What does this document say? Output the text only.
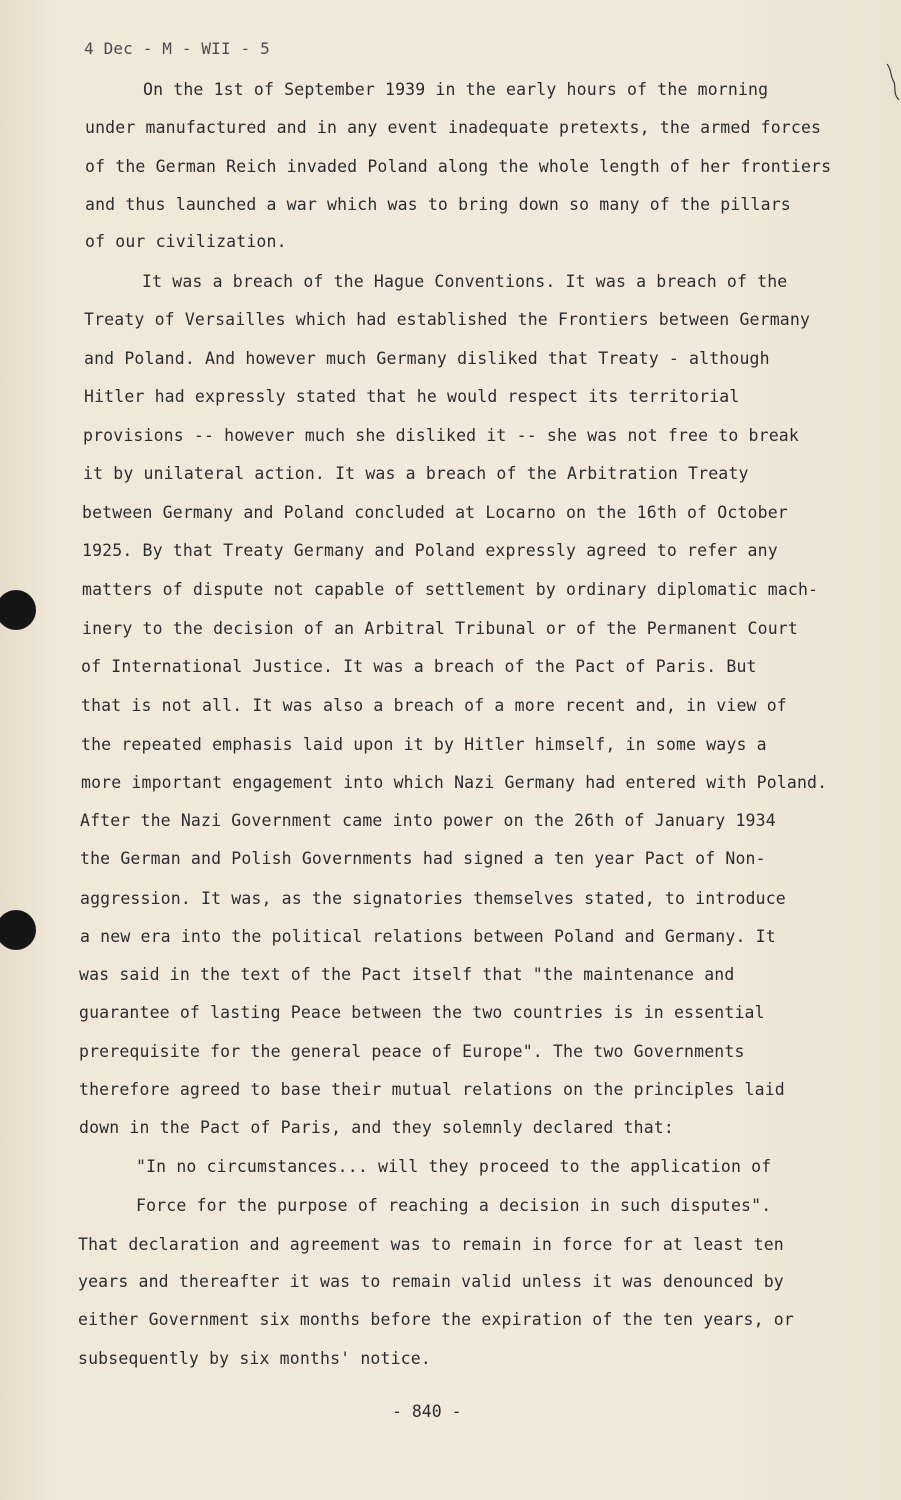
4 Dec - M - WII - 5
On the 1st of September 1939 in the early hours of the morning
under manufactured and in any event inadequate pretexts, the armed forces
of the German Reich invaded Poland along the whole length of her frontiers
and thus launched a war which was to bring down so many of the pillars
of our civilization.
It was a breach of the Hague Conventions. It was a breach of the
Treaty of Versailles which had established the Frontiers between Germany
and Poland. And however much Germany disliked that Treaty - although
Hitler had expressly stated that he would respect its territorial
provisions -- however much she disliked it -- she was not free to break
it by unilateral action. It was a breach of the Arbitration Treaty
between Germany and Poland concluded at Locarno on the 16th of October
1925. By that Treaty Germany and Poland expressly agreed to refer any
matters of dispute not capable of settlement by ordinary diplomatic mach-
inery to the decision of an Arbitral Tribunal or of the Permanent Court
of International Justice. It was a breach of the Pact of Paris. But
that is not all. It was also a breach of a more recent and, in view of
the repeated emphasis laid upon it by Hitler himself, in some ways a
more important engagement into which Nazi Germany had entered with Poland.
After the Nazi Government came into power on the 26th of January 1934
the German and Polish Governments had signed a ten year Pact of Non-
aggression. It was, as the signatories themselves stated, to introduce
a new era into the political relations between Poland and Germany. It
was said in the text of the Pact itself that "the maintenance and
guarantee of lasting Peace between the two countries is in essential
prerequisite for the general peace of Europe". The two Governments
therefore agreed to base their mutual relations on the principles laid
down in the Pact of Paris, and they solemnly declared that:
"In no circumstances... will they proceed to the application of
Force for the purpose of reaching a decision in such disputes".
That declaration and agreement was to remain in force for at least ten
years and thereafter it was to remain valid unless it was denounced by
either Government six months before the expiration of the ten years, or
subsequently by six months' notice.
- 840 -
